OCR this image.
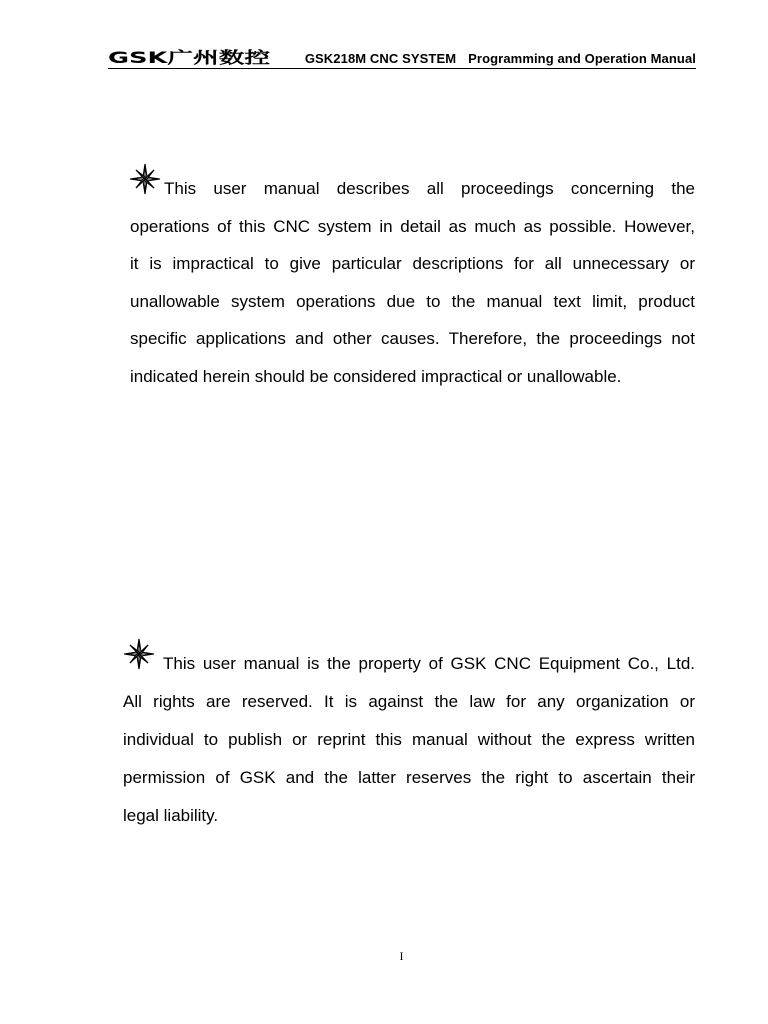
GSK广州数控	GSK218M CNC SYSTEM Programming and Operation Manual
This user manual describes all proceedings concerning the
operations of this CNC system in detail as much as possible. However,
it is impractical to give particular descriptions for all unnecessary or
unallowable system operations due to the manual text limit, product
specific applications and other causes. Therefore, the proceedings not
indicated herein should be considered impractical or unallowable.
This user manual is the property of GSK CNC Equipment Co., Ltd.
All rights are reserved. It is against the law for any organization or
individual to publish or reprint this manual without the express written
permission of GSK and the latter reserves the right to ascertain their
legal liability.
I
